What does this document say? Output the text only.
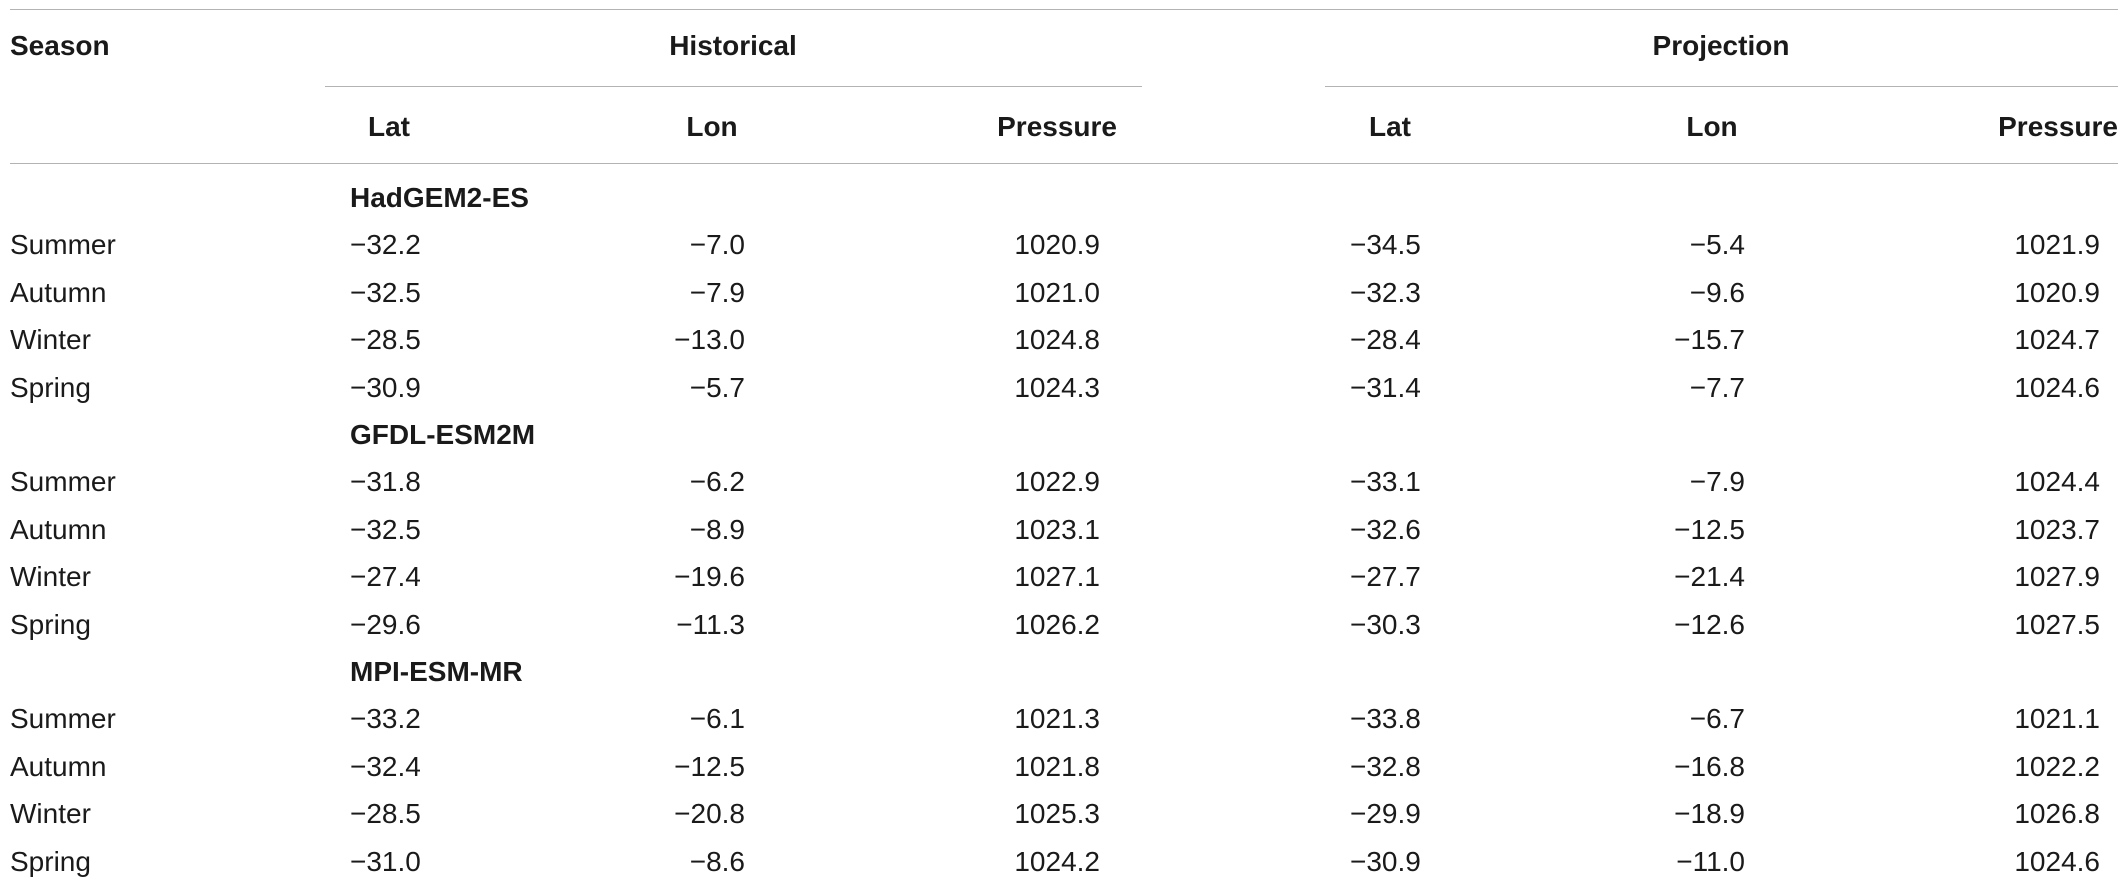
Season	Historical	Projection
Lat	Lon	Pressure	Lat	Lon	Pressure
HadGEM2-ES
Summer	−32.2	−7.0	1020.9	−34.5	−5.4	1021.9
Autumn	−32.5	−7.9	1021.0	−32.3	−9.6	1020.9
Winter	−28.5	−13.0	1024.8	−28.4	−15.7	1024.7
Spring	−30.9	−5.7	1024.3	−31.4	−7.7	1024.6
GFDL-ESM2M
Summer	−31.8	−6.2	1022.9	−33.1	−7.9	1024.4
Autumn	−32.5	−8.9	1023.1	−32.6	−12.5	1023.7
Winter	−27.4	−19.6	1027.1	−27.7	−21.4	1027.9
Spring	−29.6	−11.3	1026.2	−30.3	−12.6	1027.5
MPI-ESM-MR
Summer	−33.2	−6.1	1021.3	−33.8	−6.7	1021.1
Autumn	−32.4	−12.5	1021.8	−32.8	−16.8	1022.2
Winter	−28.5	−20.8	1025.3	−29.9	−18.9	1026.8
Spring	−31.0	−8.6	1024.2	−30.9	−11.0	1024.6
